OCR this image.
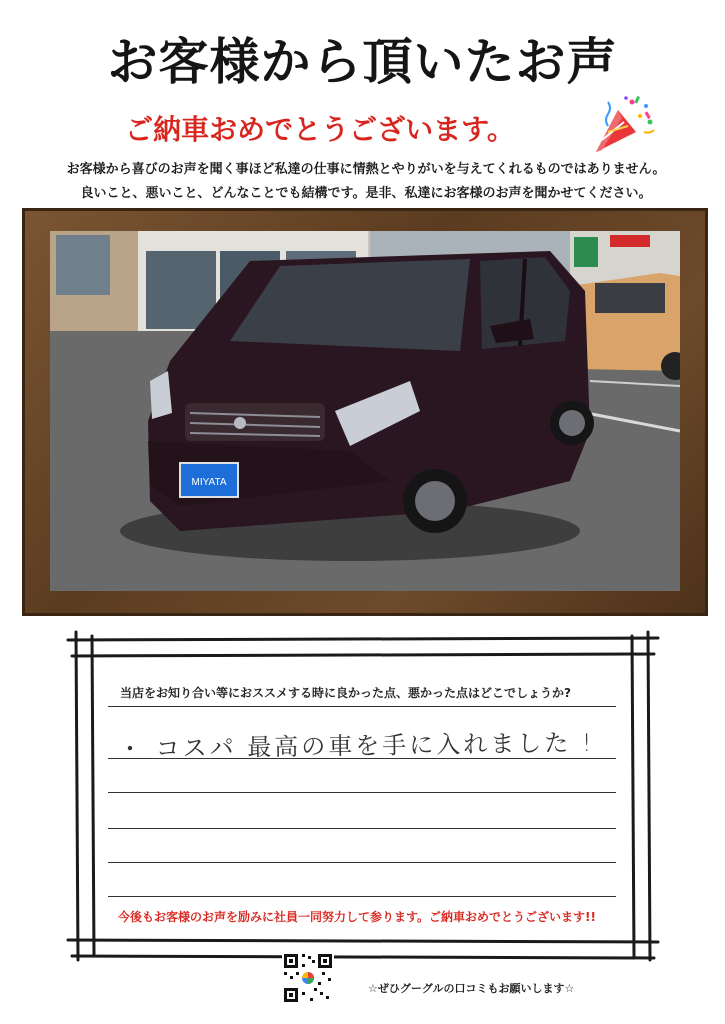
お客様から頂いたお声
ご納車おめでとうございます。
お客様から喜びのお声を聞く事ほど私達の仕事に情熱とやりがいを与えてくれるものではありません。
良いこと、悪いこと、どんなことでも結構です。是非、私達にお客様のお声を聞かせてください。
MIYATA
当店をお知り合い等におススメする時に良かった点、悪かった点はどこでしょうか?
・ コスパ 最高の車を手に入れました !
今後もお客様のお声を励みに社員一同努力して参ります。ご納車おめでとうございます!!
☆ぜひグーグルの口コミもお願いします☆
